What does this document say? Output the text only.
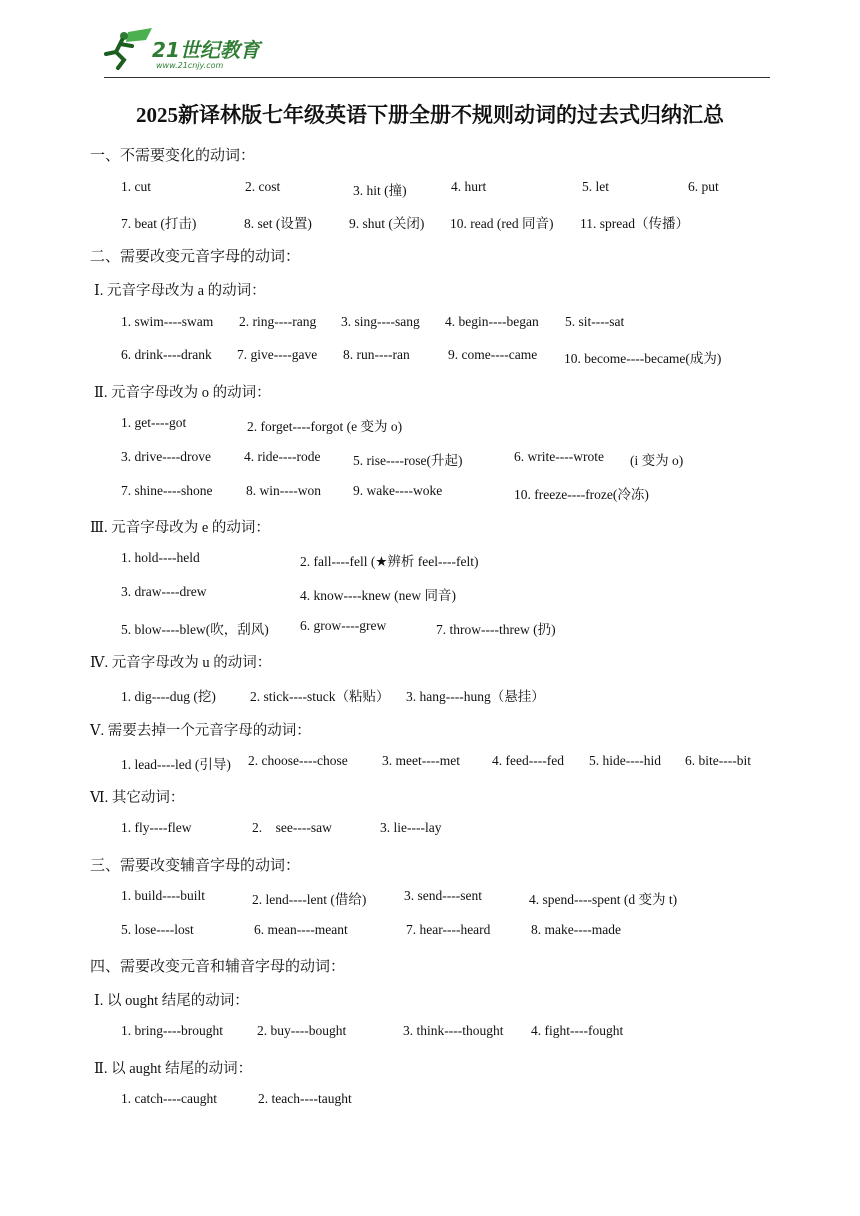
21世纪教育
www.21cnjy.com
2025新译林版七年级英语下册全册不规则动词的过去式归纳汇总
一、不需要变化的动词：
1. cut	2. cost	3. hit (撞)	4. hurt	5. let	6. put
7. beat (打击)	8. set (设置)	9. shut (关闭) 10. read (red 同音) 11. spread（传播）
二、需要改变元音字母的动词：
Ⅰ. 元音字母改为 a 的动词：
1. swim----swam 2. ring----rang 3. sing----sang 4. begin----began 5. sit----sat
6. drink----drank 7. give----gave 8. run----ran	9. come----came 10. become----became(成为)
Ⅱ. 元音字母改为 o 的动词：
1. get----got	2. forget----forgot (e 变为 o)
3. drive----drove 4. ride----rode 5. rise----rose(升起)	6. write----wrote (i 变为 o)
7. shine----shone 8. win----won 9. wake----woke	10. freeze----froze(冷冻)
Ⅲ. 元音字母改为 e 的动词：
1. hold----held	2. fall----fell (★辨析 feel----felt)
3. draw----drew	4. know----knew (new 同音)
5. blow----blew(吹，刮风) 6. grow----grew	7. throw----threw (扔)
Ⅳ. 元音字母改为 u 的动词：
1. dig----dug (挖)	2. stick----stuck（粘贴） 3. hang----hung（悬挂）
Ⅴ. 需要去掉一个元音字母的动词：
1. lead----led (引导) 2. choose----chose	3. meet----met 4. feed----fed 5. hide----hid 6. bite----bit
Ⅵ. 其它动词：
1. fly----flew	2.    see----saw	3. lie----lay
三、需要改变辅音字母的动词：
1. build----built	2. lend----lent (借给)	3. send----sent	4. spend----spent (d 变为 t)
5. lose----lost	6. mean----meant	7. hear----heard	8. make----made
四、需要改变元音和辅音字母的动词：
Ⅰ. 以 ought 结尾的动词：
1. bring----brought	2. buy----bought	3. think----thought 4. fight----fought
Ⅱ. 以 aught 结尾的动词：
1. catch----caught	2. teach----taught
